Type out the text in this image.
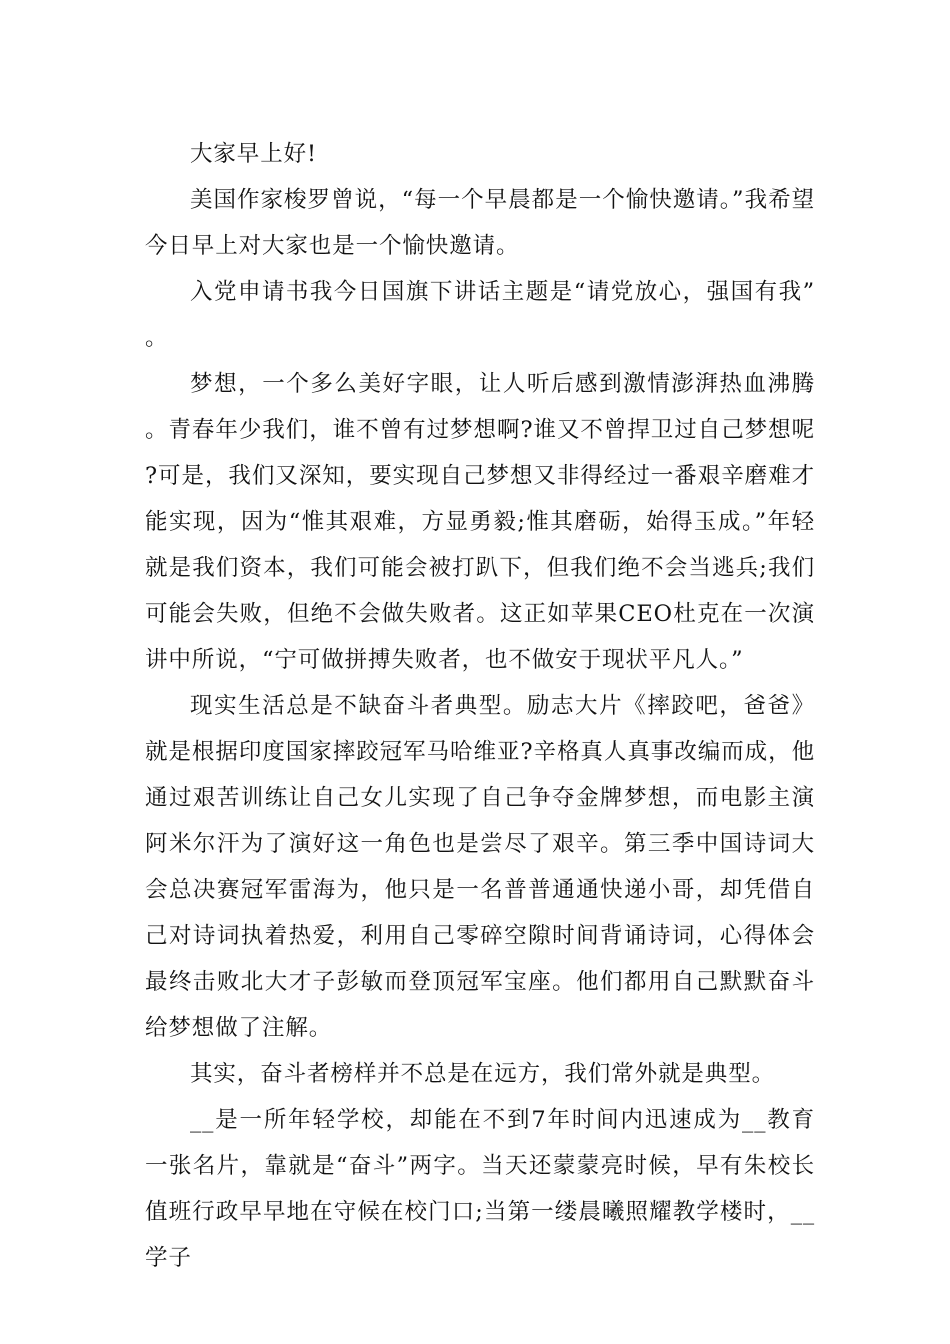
大家早上好!

美国作家梭罗曾说，“每一个早晨都是一个愉快邀请。”我希望今日早上对大家也是一个愉快邀请。

入党申请书我今日国旗下讲话主题是“请党放心，强国有我”。

梦想，一个多么美好字眼，让人听后感到激情澎湃热血沸腾。青春年少我们，谁不曾有过梦想啊?谁又不曾捍卫过自己梦想呢?可是，我们又深知，要实现自己梦想又非得经过一番艰辛磨难才能实现，因为“惟其艰难，方显勇毅;惟其磨砺，始得玉成。”年轻就是我们资本，我们可能会被打趴下，但我们绝不会当逃兵;我们可能会失败，但绝不会做失败者。这正如苹果CEO杜克在一次演讲中所说，“宁可做拼搏失败者，也不做安于现状平凡人。”

现实生活总是不缺奋斗者典型。励志大片《摔跤吧，爸爸》就是根据印度国家摔跤冠军马哈维亚?辛格真人真事改编而成，他通过艰苦训练让自己女儿实现了自己争夺金牌梦想，而电影主演阿米尔汗为了演好这一角色也是尝尽了艰辛。第三季中国诗词大会总决赛冠军雷海为，他只是一名普普通通快递小哥，却凭借自己对诗词执着热爱，利用自己零碎空隙时间背诵诗词，心得体会最终击败北大才子彭敏而登顶冠军宝座。他们都用自己默默奋斗给梦想做了注解。

其实，奋斗者榜样并不总是在远方，我们常外就是典型。

__是一所年轻学校，却能在不到7年时间内迅速成为__教育一张名片，靠就是“奋斗”两字。当天还蒙蒙亮时候，早有朱校长值班行政早早地在守候在校门口;当第一缕晨曦照耀教学楼时，__学子
